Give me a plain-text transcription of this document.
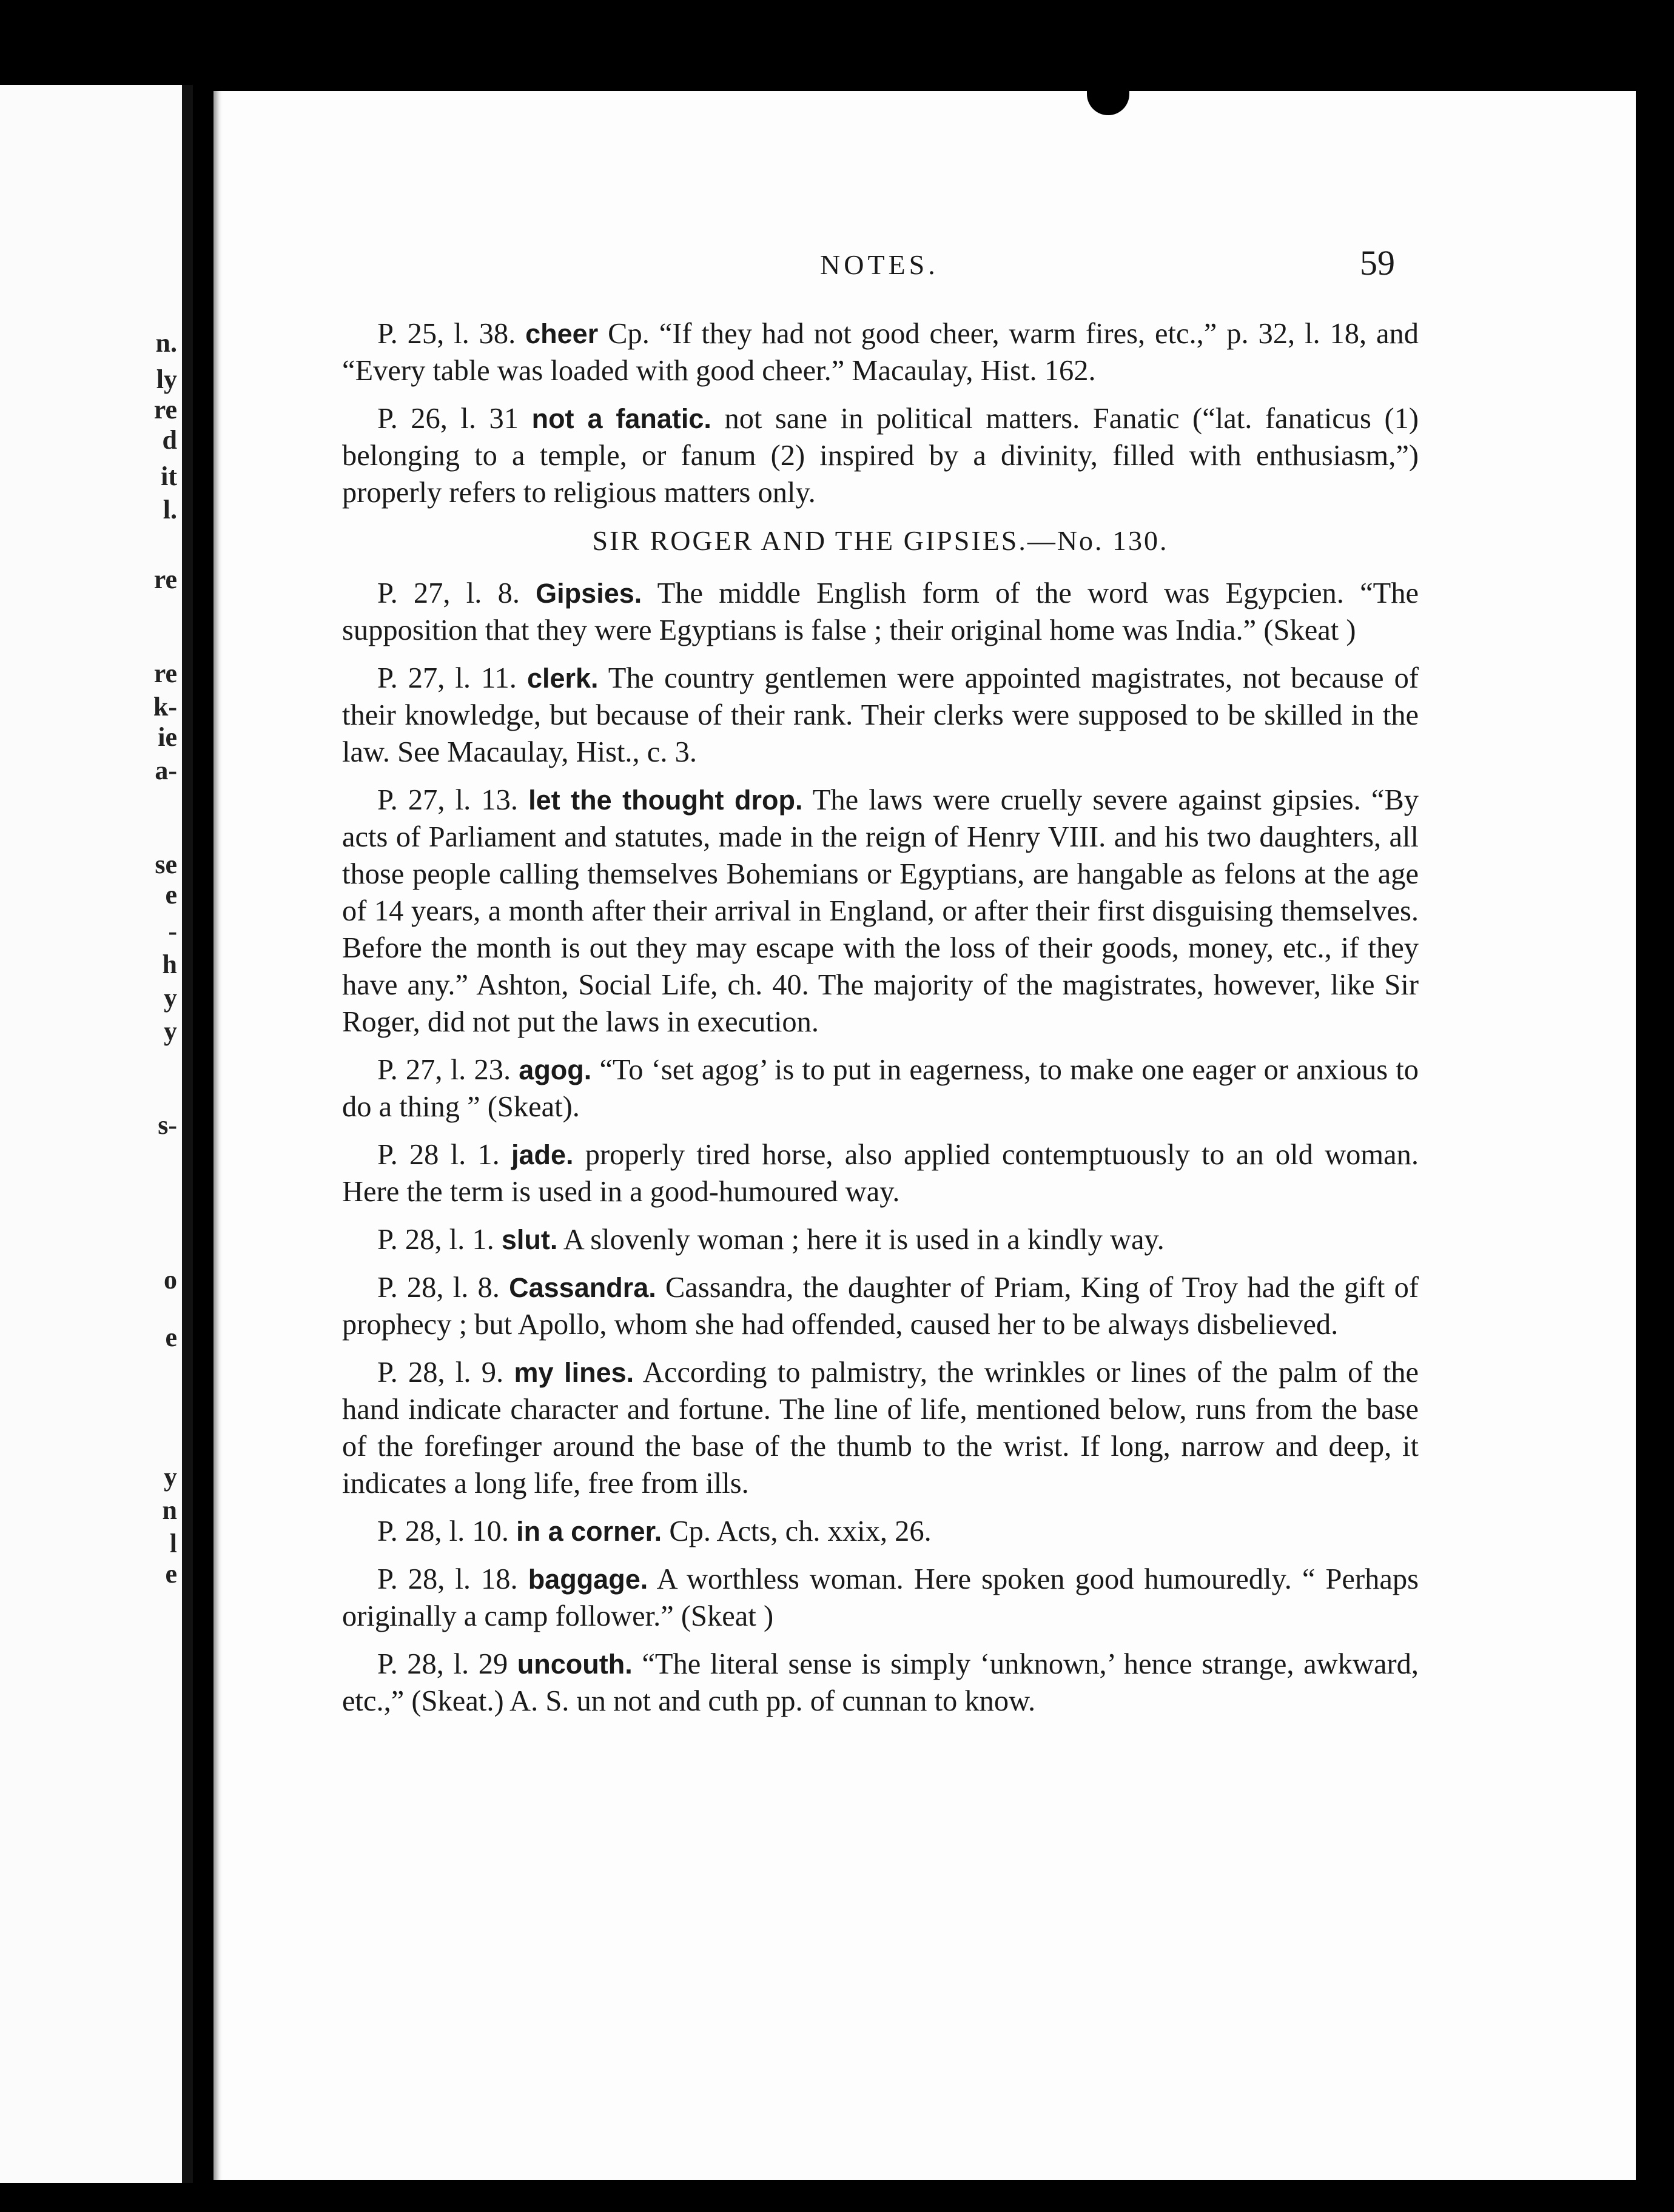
n.
ly
re
d
it
l.
re
re
k-
ie
a-
se
e
-
h
y
y
s-
o
e
y
n
l
e
NOTES.	59

P. 25, l. 38. cheer Cp. “If they had not good cheer, warm fires, etc.,” p. 32, l. 18, and “Every table was loaded with good cheer.” Macaulay, Hist. 162.

P. 26, l. 31 not a fanatic. not sane in political matters. Fanatic (“lat. fanaticus (1) belonging to a temple, or fanum (2) inspired by a divinity, filled with enthusiasm,”) properly refers to religious matters only.

SIR ROGER AND THE GIPSIES.—No. 130.

P. 27, l. 8. Gipsies. The middle English form of the word was Egypcien. “The supposition that they were Egyptians is false ; their original home was India.” (Skeat )

P. 27, l. 11. clerk. The country gentlemen were appointed magistrates, not because of their knowledge, but because of their rank. Their clerks were supposed to be skilled in the law. See Macaulay, Hist., c. 3.

P. 27, l. 13. let the thought drop. The laws were cruelly severe against gipsies. “By acts of Parliament and statutes, made in the reign of Henry VIII. and his two daughters, all those people calling themselves Bohemians or Egyptians, are hangable as felons at the age of 14 years, a month after their arrival in England, or after their first disguising themselves. Before the month is out they may escape with the loss of their goods, money, etc., if they have any.” Ashton, Social Life, ch. 40. The majority of the magistrates, however, like Sir Roger, did not put the laws in execution.

P. 27, l. 23. agog. “To ‘set agog’ is to put in eagerness, to make one eager or anxious to do a thing ” (Skeat).

P. 28 l. 1. jade. properly tired horse, also applied contemptuously to an old woman. Here the term is used in a good-humoured way.

P. 28, l. 1. slut. A slovenly woman ; here it is used in a kindly way.

P. 28, l. 8. Cassandra. Cassandra, the daughter of Priam, King of Troy had the gift of prophecy ; but Apollo, whom she had offended, caused her to be always disbelieved.

P. 28, l. 9. my lines. According to palmistry, the wrinkles or lines of the palm of the hand indicate character and fortune. The line of life, mentioned below, runs from the base of the forefinger around the base of the thumb to the wrist. If long, narrow and deep, it indicates a long life, free from ills.

P. 28, l. 10. in a corner. Cp. Acts, ch. xxix, 26.

P. 28, l. 18. baggage. A worthless woman. Here spoken good humouredly. “ Perhaps originally a camp follower.” (Skeat )

P. 28, l. 29 uncouth. “The literal sense is simply ‘unknown,’ hence strange, awkward, etc.,” (Skeat.) A. S. un not and cuth pp. of cunnan to know.
